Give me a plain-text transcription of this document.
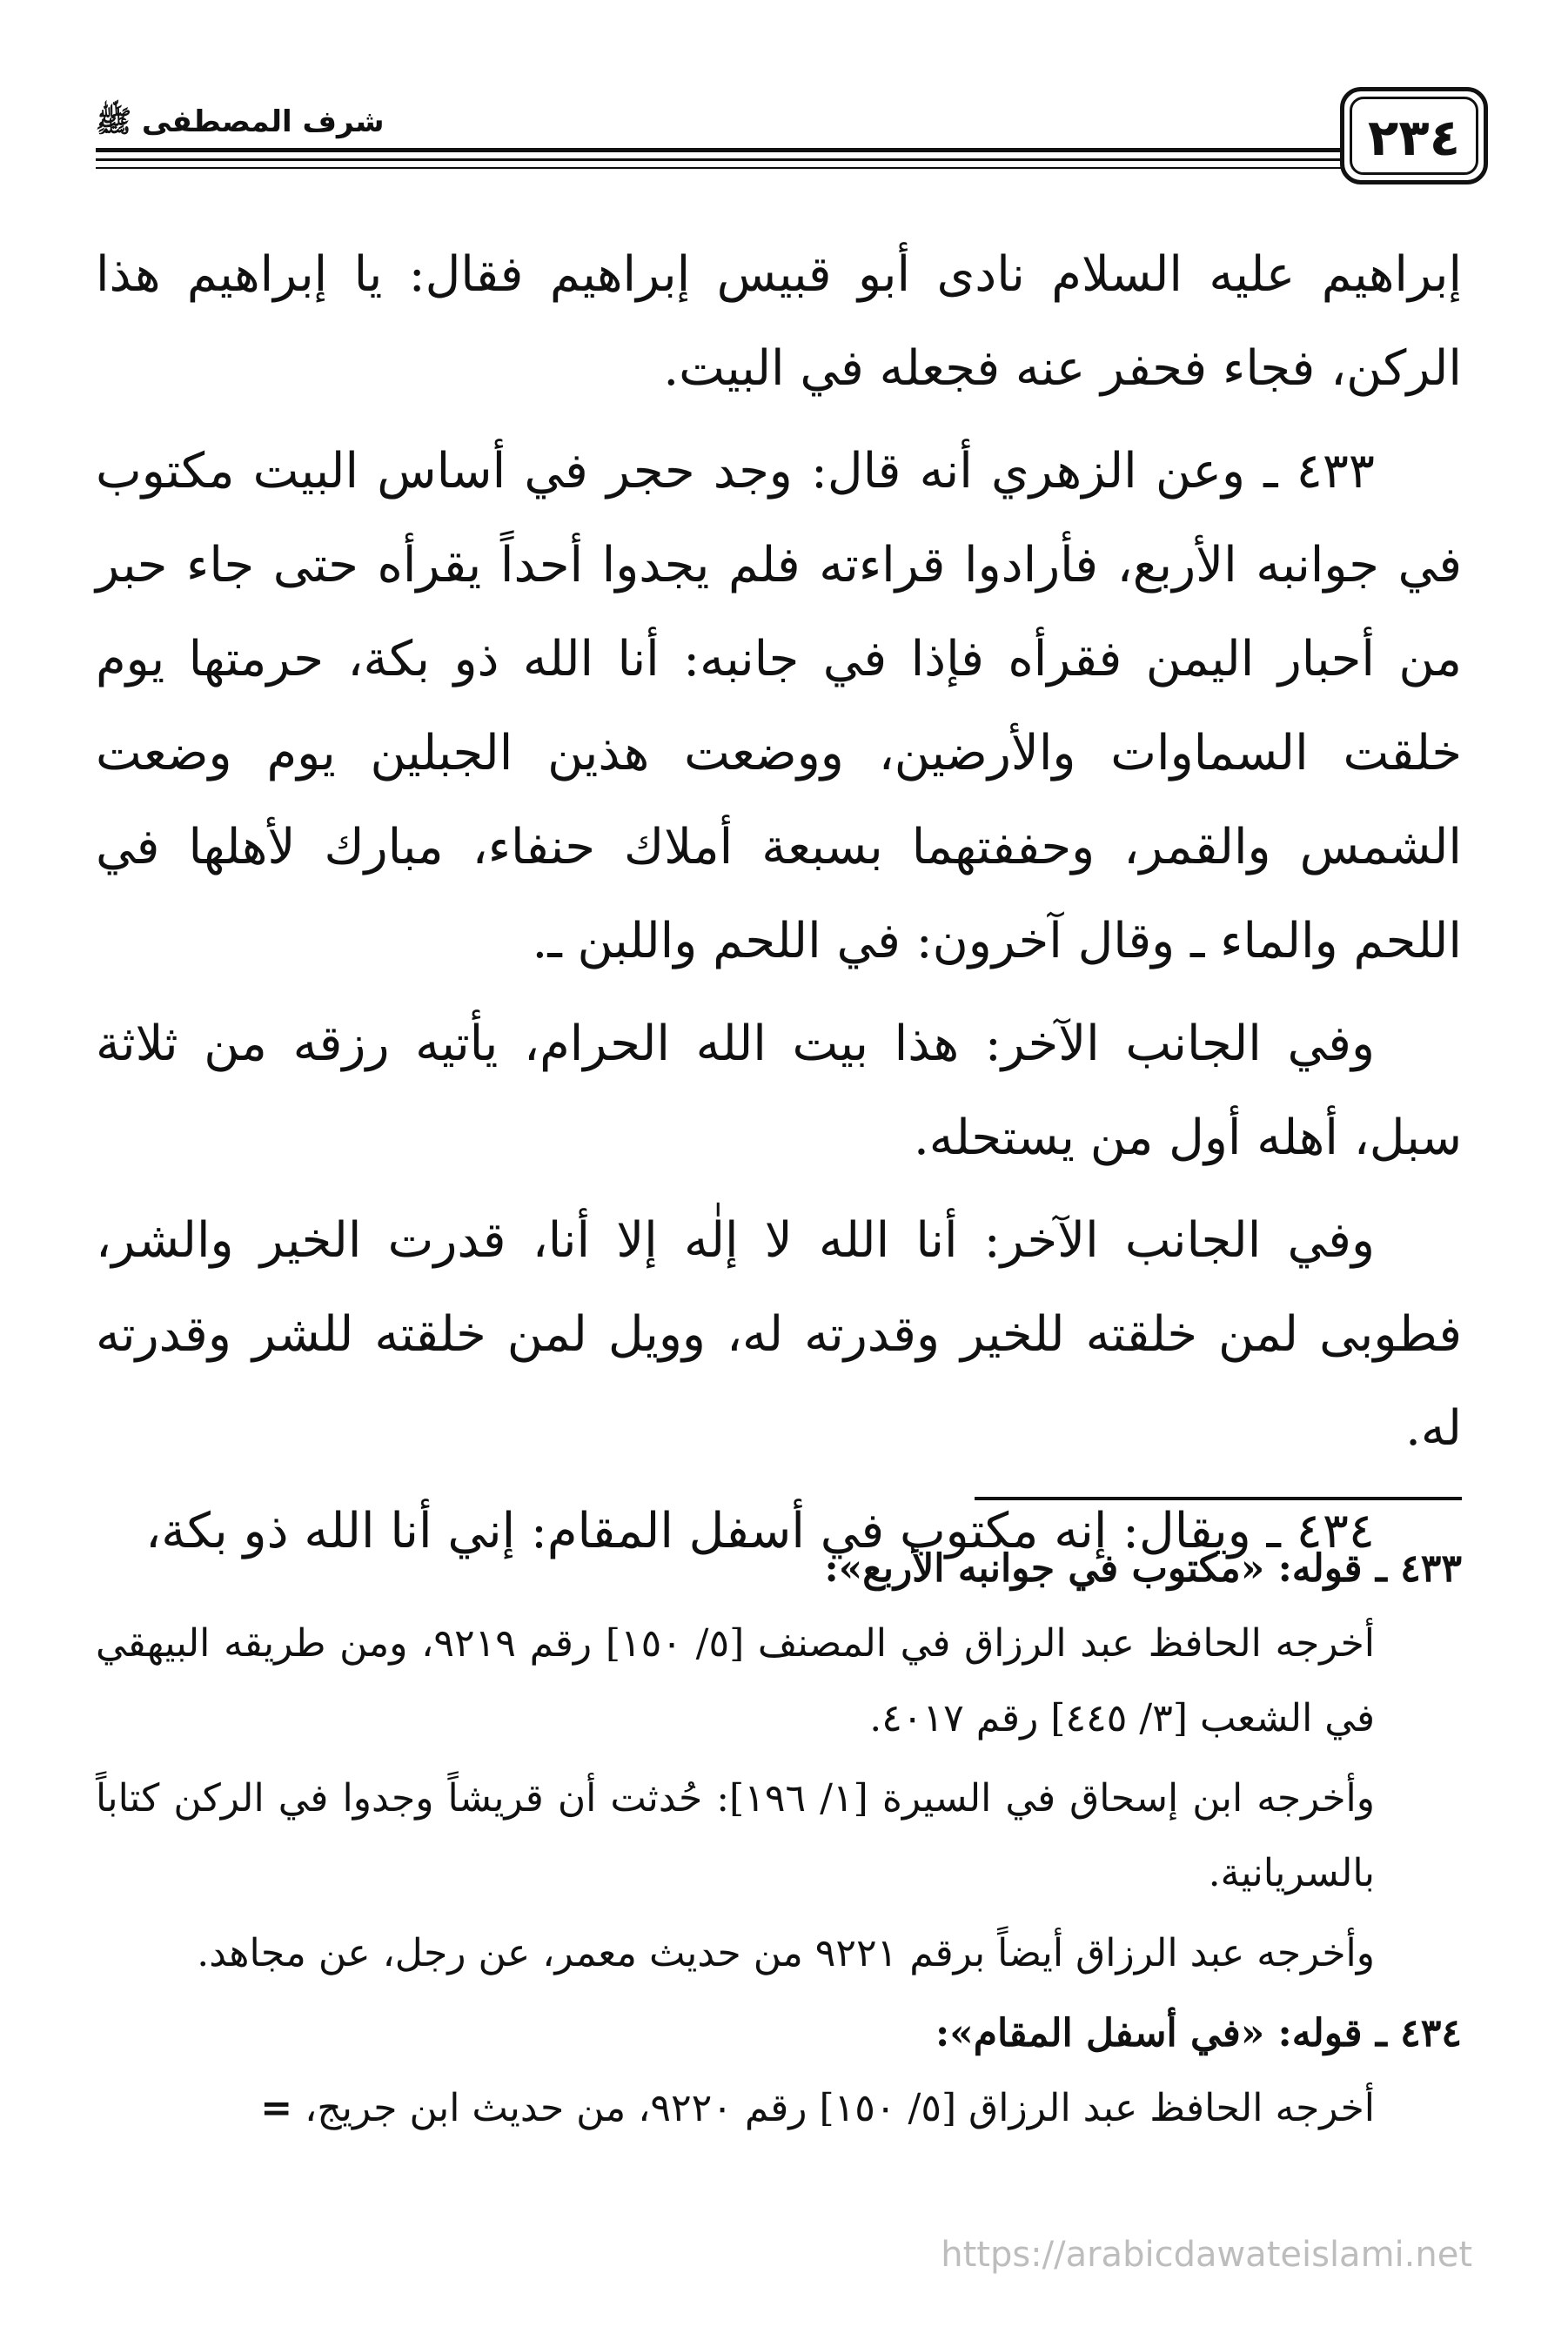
شرف المصطفى ﷺ	٢٣٤

إبراهيم عليه السلام نادى أبو قبيس إبراهيم فقال: يا إبراهيم هذا الركن، فجاء فحفر عنه فجعله في البيت.

٤٣٣ ـ وعن الزهري أنه قال: وجد حجر في أساس البيت مكتوب في جوانبه الأربع، فأرادوا قراءته فلم يجدوا أحداً يقرأه حتى جاء حبر من أحبار اليمن فقرأه فإذا في جانبه: أنا الله ذو بكة، حرمتها يوم خلقت السماوات والأرضين، ووضعت هذين الجبلين يوم وضعت الشمس والقمر، وحففتهما بسبعة أملاك حنفاء، مبارك لأهلها في اللحم والماء ـ وقال آخرون: في اللحم واللبن ـ.

وفي الجانب الآخر: هذا بيت الله الحرام، يأتيه رزقه من ثلاثة سبل، أهله أول من يستحله.

وفي الجانب الآخر: أنا الله لا إلٰه إلا أنا، قدرت الخير والشر، فطوبى لمن خلقته للخير وقدرته له، وويل لمن خلقته للشر وقدرته له.

٤٣٤ ـ ويقال: إنه مكتوب في أسفل المقام: إني أنا الله ذو بكة،

٤٣٣ ـ قوله: «مكتوب في جوانبه الأربع»:

أخرجه الحافظ عبد الرزاق في المصنف [٥/ ١٥٠] رقم ٩٢١٩، ومن طريقه البيهقي في الشعب [٣/ ٤٤٥] رقم ٤٠١٧.

وأخرجه ابن إسحاق في السيرة [١/ ١٩٦]: حُدثت أن قريشاً وجدوا في الركن كتاباً بالسريانية.

وأخرجه عبد الرزاق أيضاً برقم ٩٢٢١ من حديث معمر، عن رجل، عن مجاهد.

٤٣٤ ـ قوله: «في أسفل المقام»:

أخرجه الحافظ عبد الرزاق [٥/ ١٥٠] رقم ٩٢٢٠، من حديث ابن جريج، =

https://arabicdawateislami.net
